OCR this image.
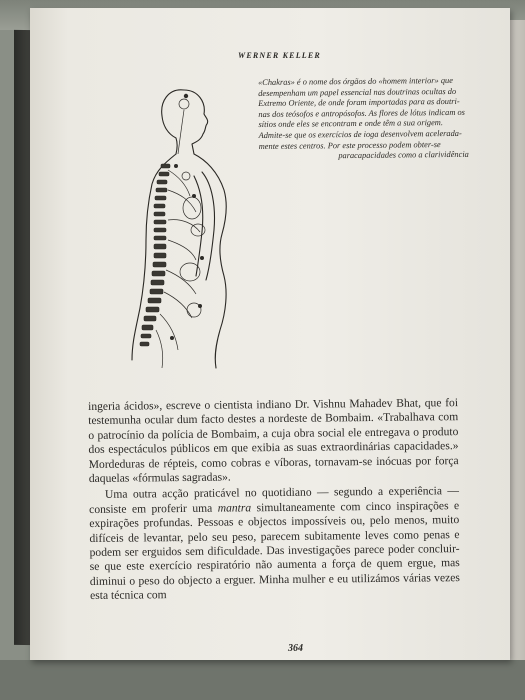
WERNER KELLER

«Chakras» é o nome dos órgãos do «homem interior» que

desempenham um papel essencial nas doutrinas ocultas do

Extremo Oriente, de onde foram importadas para as doutri-

nas dos teósofos e antropósofos. As flores de lótus indicam os

sítios onde eles se encontram e onde têm a sua origem.

Admite-se que os exercícios de ioga desenvolvem acelerada-

mente estes centros. Por este processo podem obter-se

paracapacidades como a clarividência

364

ingeria ácidos», escreve o cientista indiano Dr. Vishnu Mahadev Bhat, que foi testemunha ocular dum facto destes a nordeste de Bombaim. «Trabalhava com o patrocínio da polícia de Bombaim, a cuja obra social ele entregava o produto dos espectáculos públicos em que exibia as suas extraordinárias capacidades.» Mordeduras de répteis, como cobras e víboras, tornavam-se inócuas por força daquelas «fórmulas sagradas».

Uma outra acção praticável no quotidiano — segundo a experiência — consiste em proferir uma mantra simultaneamente com cinco inspirações e expirações profundas. Pessoas e objectos impossíveis ou, pelo menos, muito difíceis de levantar, pelo seu peso, parecem subitamente leves como penas e podem ser erguidos sem dificuldade. Das investigações parece poder concluir-se que este exercício respiratório não aumenta a força de quem ergue, mas diminui o peso do objecto a erguer. Minha mulher e eu utilizámos várias vezes esta técnica com
